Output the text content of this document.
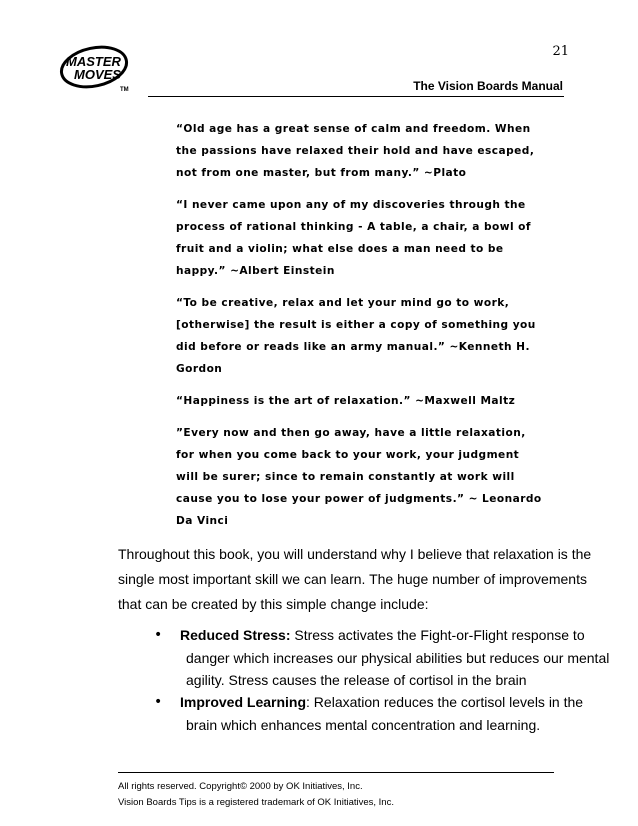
MASTER
MOVES
TM
21
The Vision Boards Manual
“Old age has a great sense of calm and freedom. When
the passions have relaxed their hold and have escaped,
not from one master, but from many.” ~Plato
“I never came upon any of my discoveries through the
process of rational thinking - A table, a chair, a bowl of
fruit and a violin; what else does a man need to be
happy.” ~Albert Einstein
“To be creative, relax and let your mind go to work,
[otherwise] the result is either a copy of something you
did before or reads like an army manual.” ~Kenneth H.
Gordon
“Happiness is the art of relaxation.” ~Maxwell Maltz
”Every now and then go away, have a little relaxation,
for when you come back to your work, your judgment
will be surer; since to remain constantly at work will
cause you to lose your power of judgments.” ~ Leonardo
Da Vinci
Throughout this book, you will understand why I believe that relaxation is the
single most important skill we can learn. The huge number of improvements
that can be created by this simple change include:
• Reduced Stress: Stress activates the Fight-or-Flight response to
danger which increases our physical abilities but reduces our mental
agility. Stress causes the release of cortisol in the brain
• Improved Learning: Relaxation reduces the cortisol levels in the
brain which enhances mental concentration and learning.
All rights reserved. Copyright© 2000 by OK Initiatives, Inc.
Vision Boards Tips is a registered trademark of OK Initiatives, Inc.
